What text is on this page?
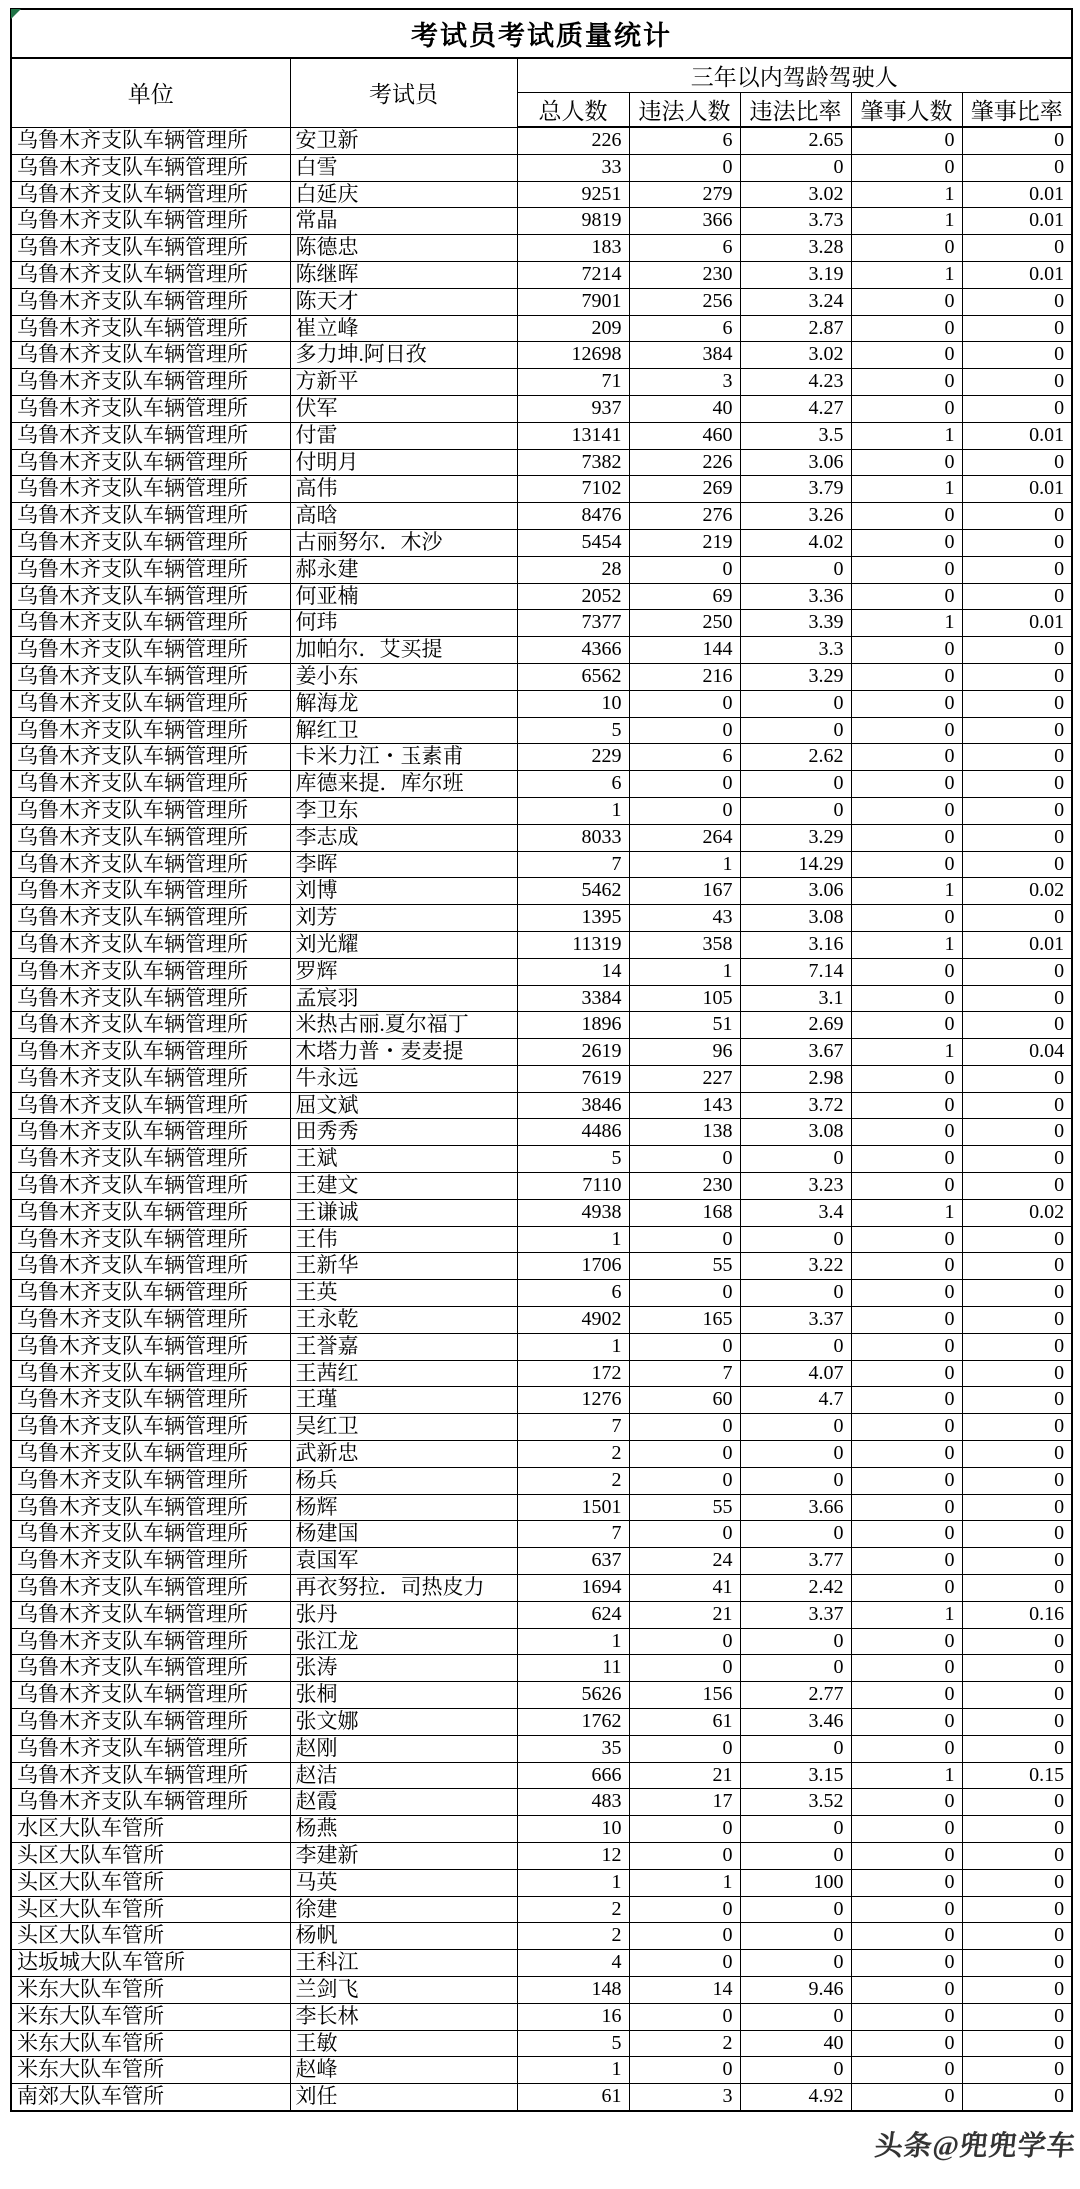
考试员考试质量统计						
单位	考试员	三年以内驾龄驾驶人				
		总人数	违法人数	违法比率	肇事人数	肇事比率
乌鲁木齐支队车辆管理所	安卫新	226	6	2.65	0	0
乌鲁木齐支队车辆管理所	白雪	33	0	0	0	0
乌鲁木齐支队车辆管理所	白延庆	9251	279	3.02	1	0.01
乌鲁木齐支队车辆管理所	常晶	9819	366	3.73	1	0.01
乌鲁木齐支队车辆管理所	陈德忠	183	6	3.28	0	0
乌鲁木齐支队车辆管理所	陈继晖	7214	230	3.19	1	0.01
乌鲁木齐支队车辆管理所	陈天才	7901	256	3.24	0	0
乌鲁木齐支队车辆管理所	崔立峰	209	6	2.87	0	0
乌鲁木齐支队车辆管理所	多力坤.阿日孜	12698	384	3.02	0	0
乌鲁木齐支队车辆管理所	方新平	71	3	4.23	0	0
乌鲁木齐支队车辆管理所	伏军	937	40	4.27	0	0
乌鲁木齐支队车辆管理所	付雷	13141	460	3.5	1	0.01
乌鲁木齐支队车辆管理所	付明月	7382	226	3.06	0	0
乌鲁木齐支队车辆管理所	高伟	7102	269	3.79	1	0.01
乌鲁木齐支队车辆管理所	高晗	8476	276	3.26	0	0
乌鲁木齐支队车辆管理所	古丽努尔．木沙	5454	219	4.02	0	0
乌鲁木齐支队车辆管理所	郝永建	28	0	0	0	0
乌鲁木齐支队车辆管理所	何亚楠	2052	69	3.36	0	0
乌鲁木齐支队车辆管理所	何玮	7377	250	3.39	1	0.01
乌鲁木齐支队车辆管理所	加帕尔．艾买提	4366	144	3.3	0	0
乌鲁木齐支队车辆管理所	姜小东	6562	216	3.29	0	0
乌鲁木齐支队车辆管理所	解海龙	10	0	0	0	0
乌鲁木齐支队车辆管理所	解红卫	5	0	0	0	0
乌鲁木齐支队车辆管理所	卡米力江・玉素甫	229	6	2.62	0	0
乌鲁木齐支队车辆管理所	库德来提．库尔班	6	0	0	0	0
乌鲁木齐支队车辆管理所	李卫东	1	0	0	0	0
乌鲁木齐支队车辆管理所	李志成	8033	264	3.29	0	0
乌鲁木齐支队车辆管理所	李晖	7	1	14.29	0	0
乌鲁木齐支队车辆管理所	刘博	5462	167	3.06	1	0.02
乌鲁木齐支队车辆管理所	刘芳	1395	43	3.08	0	0
乌鲁木齐支队车辆管理所	刘光耀	11319	358	3.16	1	0.01
乌鲁木齐支队车辆管理所	罗辉	14	1	7.14	0	0
乌鲁木齐支队车辆管理所	孟宸羽	3384	105	3.1	0	0
乌鲁木齐支队车辆管理所	米热古丽.夏尔福丁	1896	51	2.69	0	0
乌鲁木齐支队车辆管理所	木塔力普・麦麦提	2619	96	3.67	1	0.04
乌鲁木齐支队车辆管理所	牛永远	7619	227	2.98	0	0
乌鲁木齐支队车辆管理所	屈文斌	3846	143	3.72	0	0
乌鲁木齐支队车辆管理所	田秀秀	4486	138	3.08	0	0
乌鲁木齐支队车辆管理所	王斌	5	0	0	0	0
乌鲁木齐支队车辆管理所	王建文	7110	230	3.23	0	0
乌鲁木齐支队车辆管理所	王谦诚	4938	168	3.4	1	0.02
乌鲁木齐支队车辆管理所	王伟	1	0	0	0	0
乌鲁木齐支队车辆管理所	王新华	1706	55	3.22	0	0
乌鲁木齐支队车辆管理所	王英	6	0	0	0	0
乌鲁木齐支队车辆管理所	王永乾	4902	165	3.37	0	0
乌鲁木齐支队车辆管理所	王誉嘉	1	0	0	0	0
乌鲁木齐支队车辆管理所	王茜红	172	7	4.07	0	0
乌鲁木齐支队车辆管理所	王瑾	1276	60	4.7	0	0
乌鲁木齐支队车辆管理所	吴红卫	7	0	0	0	0
乌鲁木齐支队车辆管理所	武新忠	2	0	0	0	0
乌鲁木齐支队车辆管理所	杨兵	2	0	0	0	0
乌鲁木齐支队车辆管理所	杨辉	1501	55	3.66	0	0
乌鲁木齐支队车辆管理所	杨建国	7	0	0	0	0
乌鲁木齐支队车辆管理所	袁国军	637	24	3.77	0	0
乌鲁木齐支队车辆管理所	再衣努拉．司热皮力	1694	41	2.42	0	0
乌鲁木齐支队车辆管理所	张丹	624	21	3.37	1	0.16
乌鲁木齐支队车辆管理所	张江龙	1	0	0	0	0
乌鲁木齐支队车辆管理所	张涛	11	0	0	0	0
乌鲁木齐支队车辆管理所	张桐	5626	156	2.77	0	0
乌鲁木齐支队车辆管理所	张文娜	1762	61	3.46	0	0
乌鲁木齐支队车辆管理所	赵刚	35	0	0	0	0
乌鲁木齐支队车辆管理所	赵洁	666	21	3.15	1	0.15
乌鲁木齐支队车辆管理所	赵霞	483	17	3.52	0	0
水区大队车管所	杨燕	10	0	0	0	0
头区大队车管所	李建新	12	0	0	0	0
头区大队车管所	马英	1	1	100	0	0
头区大队车管所	徐建	2	0	0	0	0
头区大队车管所	杨帆	2	0	0	0	0
达坂城大队车管所	王科江	4	0	0	0	0
米东大队车管所	兰剑飞	148	14	9.46	0	0
米东大队车管所	李长林	16	0	0	0	0
米东大队车管所	王敏	5	2	40	0	0
米东大队车管所	赵峰	1	0	0	0	0
南郊大队车管所	刘任	61	3	4.92	0	0
头条@兜兜学车
